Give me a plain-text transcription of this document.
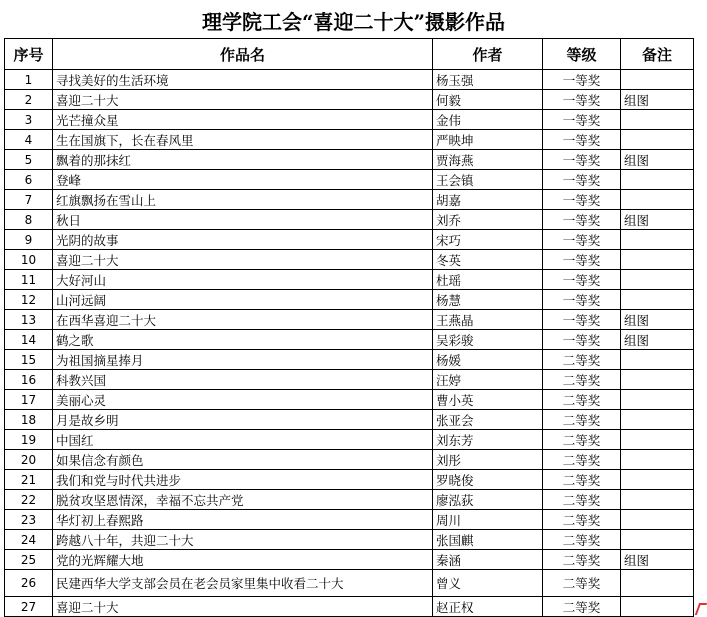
理学院工会“喜迎二十大”摄影作品
序号	作品名	作者	等级	备注
1	寻找美好的生活环境	杨玉强	一等奖	
2	喜迎二十大	何毅	一等奖	组图
3	光芒撞众星	金伟	一等奖	
4	生在国旗下，长在春风里	严映坤	一等奖	
5	飘着的那抹红	贾海燕	一等奖	组图
6	登峰	王会镇	一等奖	
7	红旗飘扬在雪山上	胡嘉	一等奖	
8	秋日	刘乔	一等奖	组图
9	光阴的故事	宋巧	一等奖	
10	喜迎二十大	冬英	一等奖	
11	大好河山	杜瑶	一等奖	
12	山河远阔	杨慧	一等奖	
13	在西华喜迎二十大	王燕晶	一等奖	组图
14	鹤之歌	吴彩骏	一等奖	组图
15	为祖国摘星捧月	杨媛	二等奖	
16	科教兴国	汪婷	二等奖	
17	美丽心灵	曹小英	二等奖	
18	月是故乡明	张亚会	二等奖	
19	中国红	刘东芳	二等奖	
20	如果信念有颜色	刘彤	二等奖	
21	我们和党与时代共进步	罗晓俊	二等奖	
22	脱贫攻坚恩情深，幸福不忘共产党	廖泓荻	二等奖	
23	华灯初上春熙路	周川	二等奖	
24	跨越八十年，共迎二十大	张国麒	二等奖	
25	党的光辉耀大地	秦涵	二等奖	组图
26	民建西华大学支部会员在老会员家里集中收看二十大	曾义	二等奖	
27	喜迎二十大	赵正权	二等奖	
